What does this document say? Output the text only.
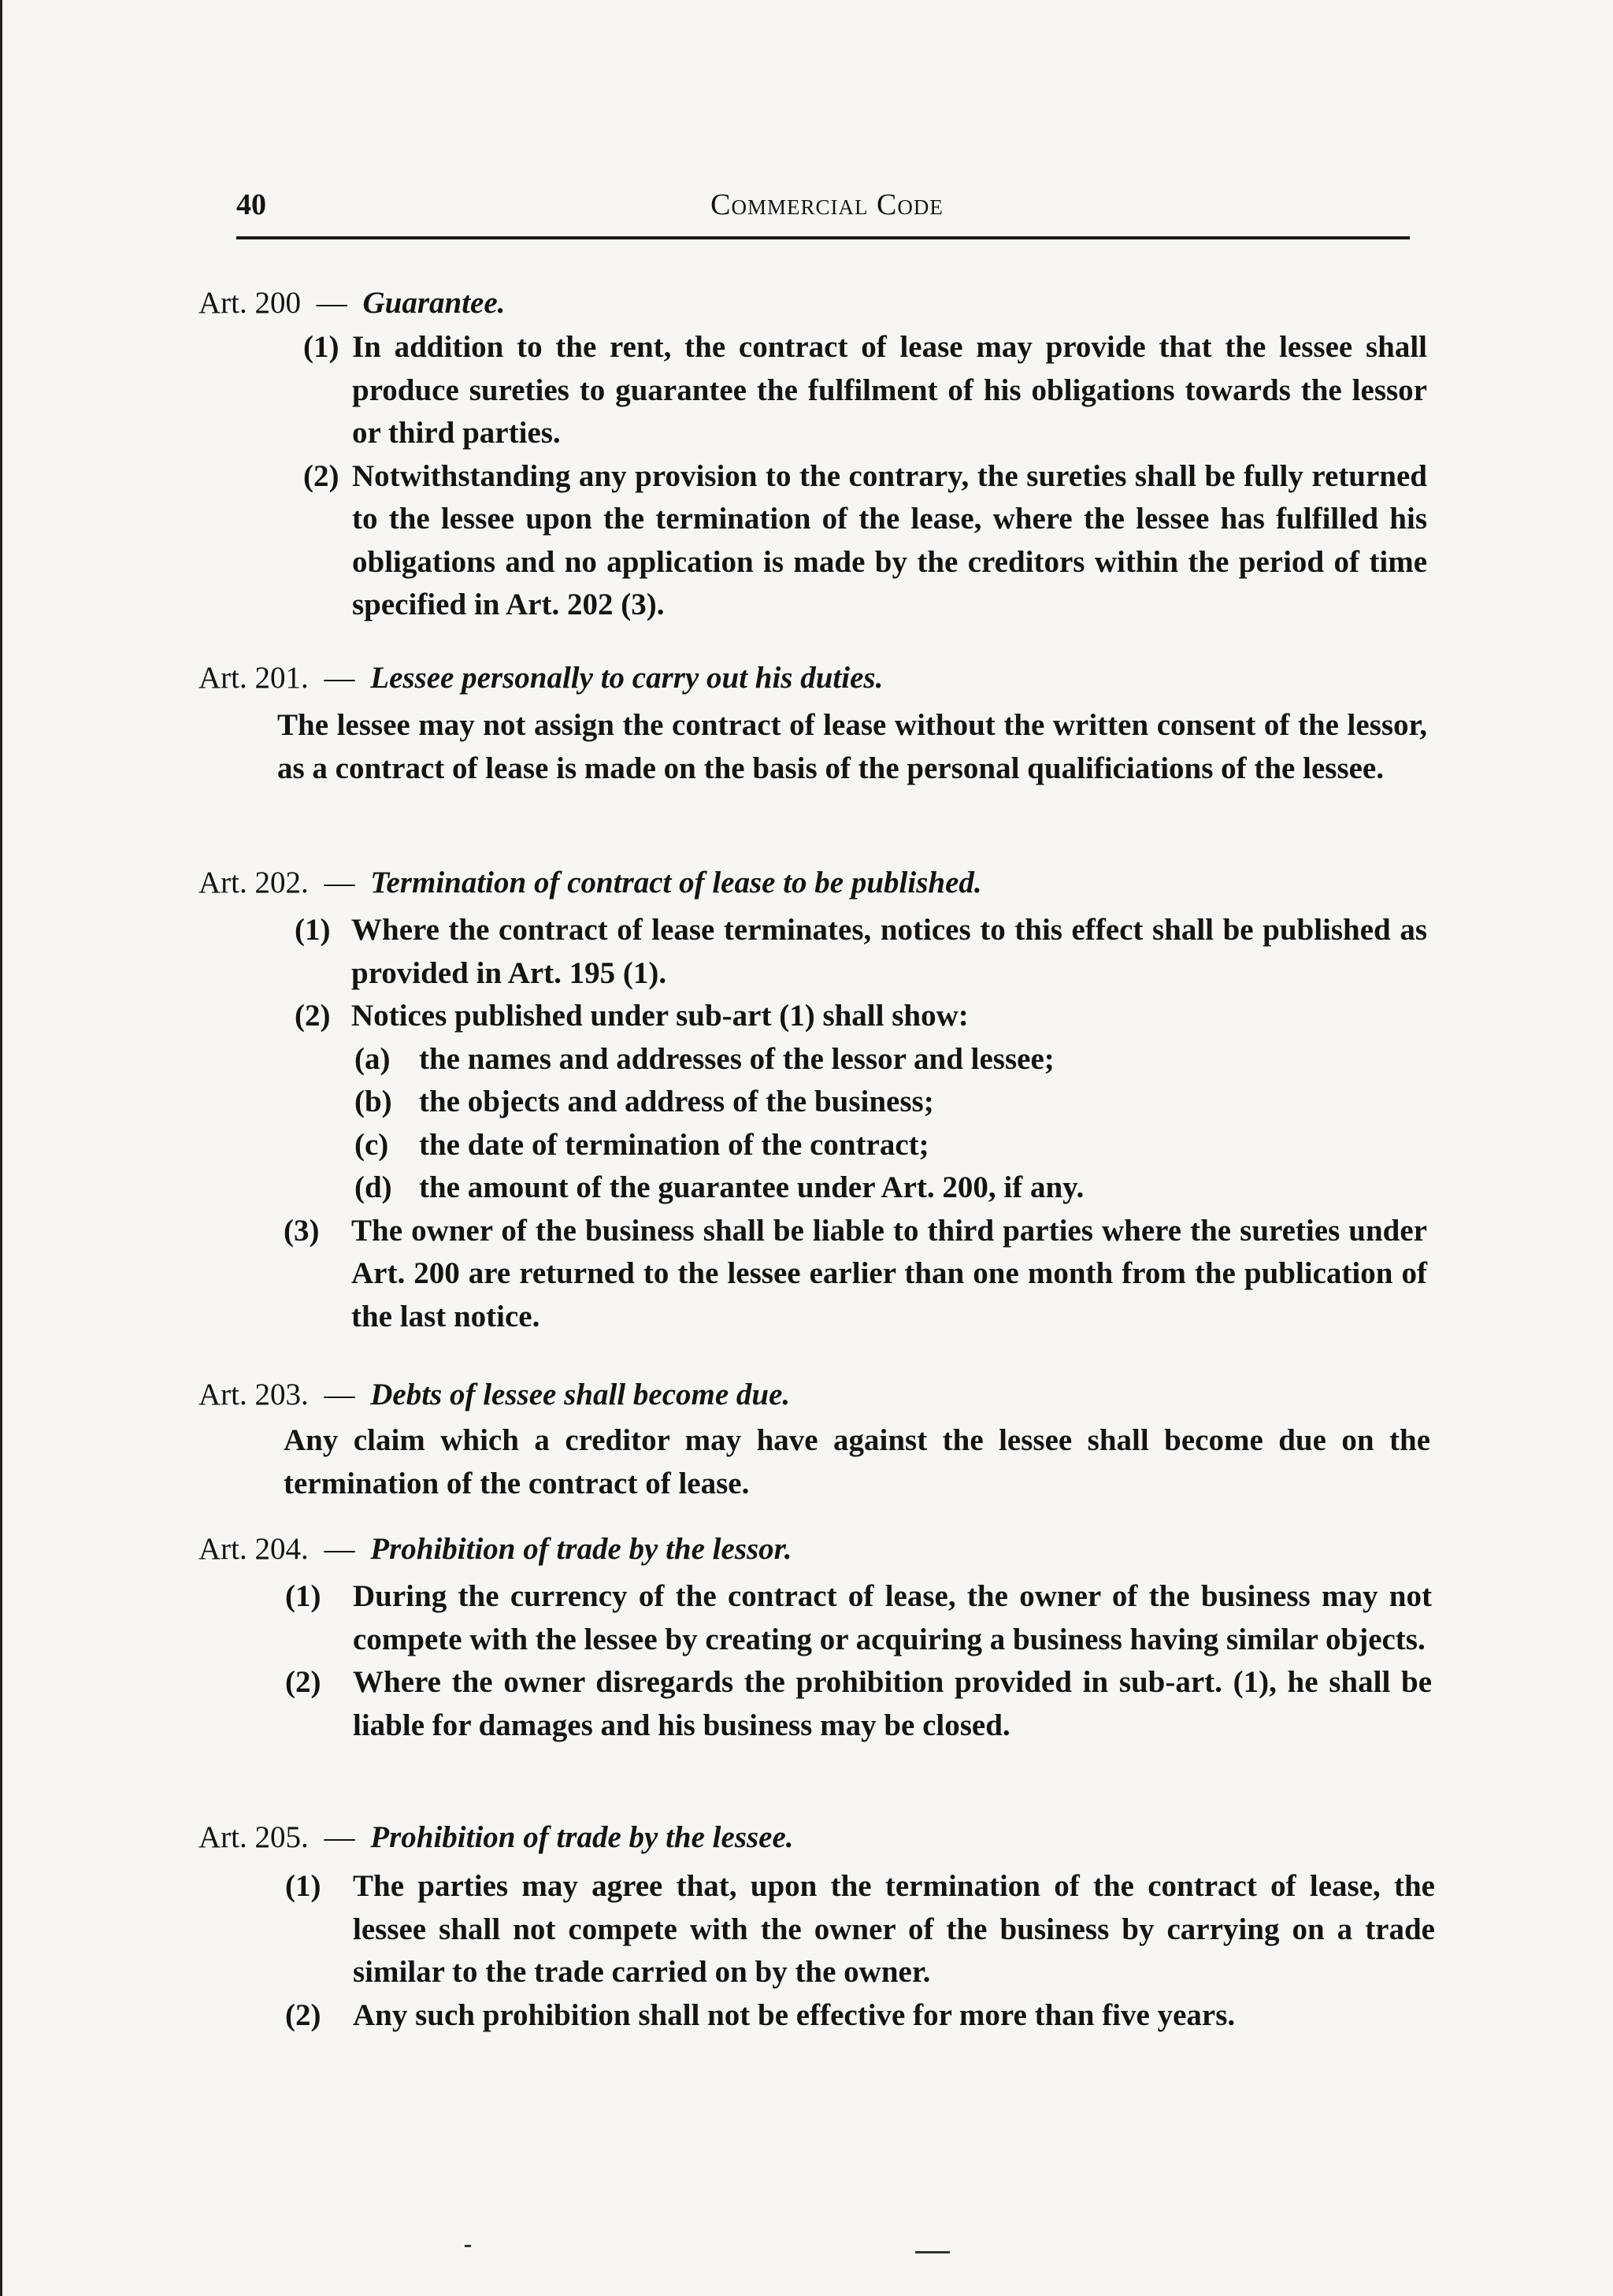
40	Commercial Code
Art. 200 — Guarantee.
(1) In addition to the rent, the contract of lease may provide that the lessee shall produce sureties to guarantee the fulfilment of his obligations towards the lessor or third parties.
(2) Notwithstanding any provision to the contrary, the sureties shall be fully returned to the lessee upon the termination of the lease, where the lessee has fulfilled his obligations and no application is made by the creditors within the period of time specified in Art. 202 (3).
Art. 201. — Lessee personally to carry out his duties.
The lessee may not assign the contract of lease without the written consent of the lessor, as a contract of lease is made on the basis of the personal qualificiations of the lessee.
Art. 202. — Termination of contract of lease to be published.
(1) Where the contract of lease terminates, notices to this effect shall be published as provided in Art. 195 (1).
(2) Notices published under sub-art (1) shall show:
(a) the names and addresses of the lessor and lessee;
(b) the objects and address of the business;
(c) the date of termination of the contract;
(d) the amount of the guarantee under Art. 200, if any.
(3) The owner of the business shall be liable to third parties where the sureties under Art. 200 are returned to the lessee earlier than one month from the publication of the last notice.
Art. 203. — Debts of lessee shall become due.
Any claim which a creditor may have against the lessee shall become due on the termination of the contract of lease.
Art. 204. — Prohibition of trade by the lessor.
(1) During the currency of the contract of lease, the owner of the business may not compete with the lessee by creating or acquiring a business having similar objects.
(2) Where the owner disregards the prohibition provided in sub-art. (1), he shall be liable for damages and his business may be closed.
Art. 205. — Prohibition of trade by the lessee.
(1) The parties may agree that, upon the termination of the contract of lease, the lessee shall not compete with the owner of the business by carrying on a trade similar to the trade carried on by the owner.
(2) Any such prohibition shall not be effective for more than five years.
